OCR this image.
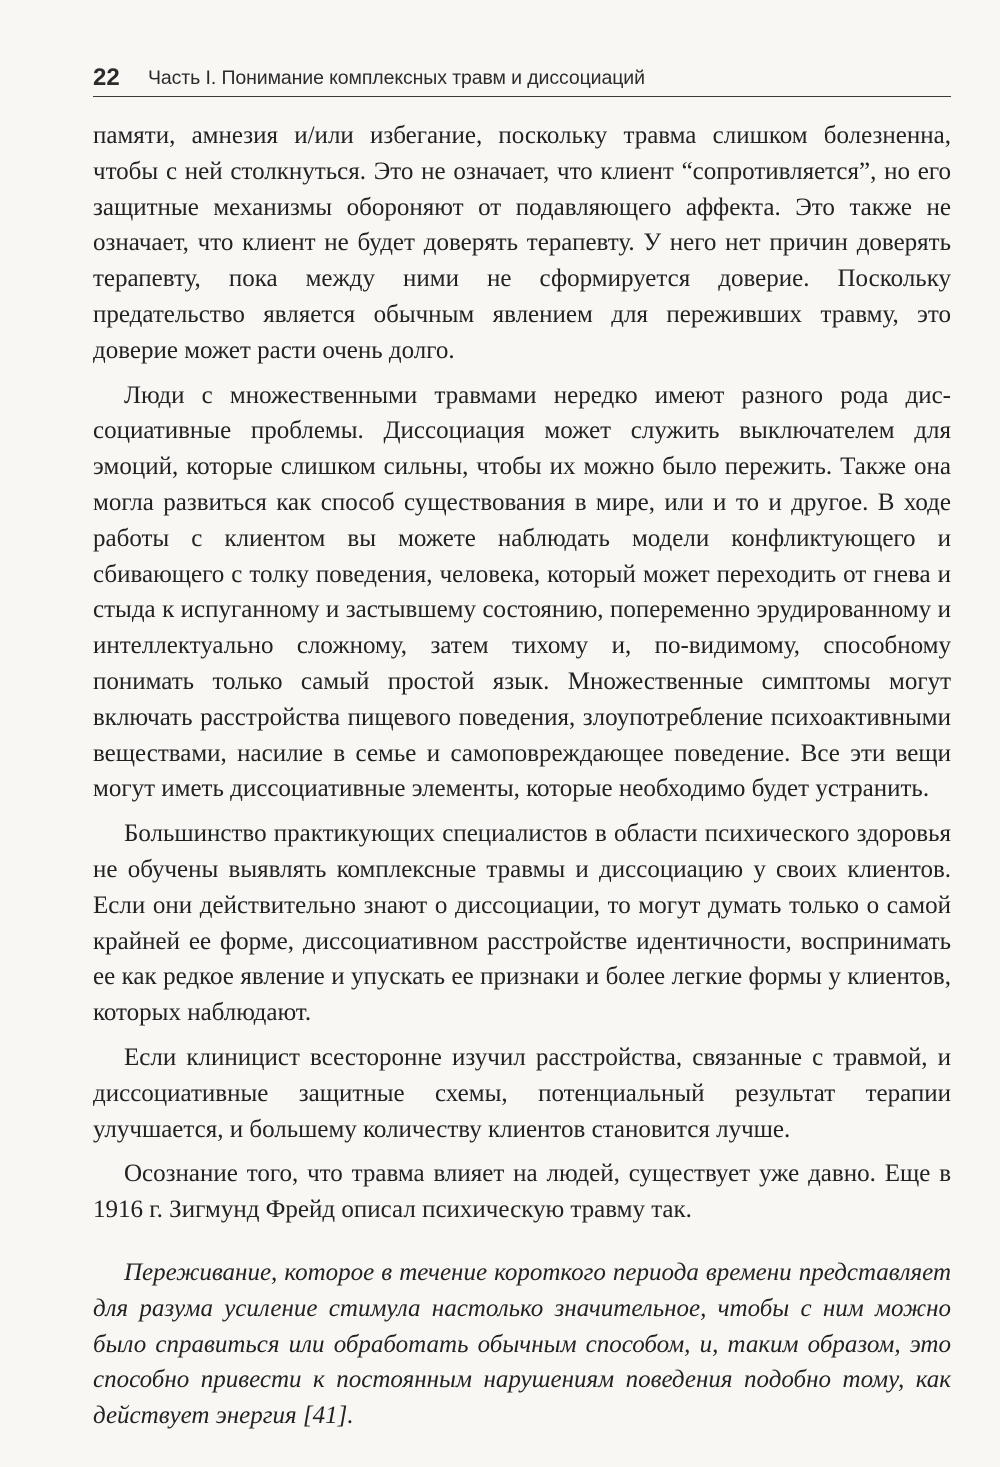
22 Часть I. Понимание комплексных травм и диссоциаций

памяти, амнезия и/или избегание, поскольку травма слишком болезненна, чтобы с ней столкнуться. Это не означает, что клиент “сопротивляется”, но его защитные механизмы обороняют от подавляющего аффекта. Это также не означает, что клиент не будет доверять терапевту. У него нет причин доверять терапевту, пока между ними не сформируется доверие. Поскольку предательство является обычным явлением для переживших травму, это доверие может расти очень долго.

Люди с множественными травмами нередко имеют разного рода диссоциативные проблемы. Диссоциация может служить выключателем для эмоций, которые слишком сильны, чтобы их можно было пережить. Также она могла развиться как способ существования в мире, или и то и другое. В ходе работы с клиентом вы можете наблюдать модели конфликтующего и сбивающего с толку поведения, человека, который может переходить от гнева и стыда к испуганному и застывшему состоянию, попеременно эрудированному и интеллектуально сложному, затем тихому и, по-видимому, способному понимать только самый простой язык. Множественные симптомы могут включать расстройства пищевого поведения, злоупотребление психоактивными веществами, насилие в семье и самоповреждающее поведение. Все эти вещи могут иметь диссоциативные элементы, которые необходимо будет устранить.

Большинство практикующих специалистов в области психического здоровья не обучены выявлять комплексные травмы и диссоциацию у своих клиентов. Если они действительно знают о диссоциации, то могут думать только о самой крайней ее форме, диссоциативном расстройстве идентичности, воспринимать ее как редкое явление и упускать ее признаки и более легкие формы у клиентов, которых наблюдают.

Если клиницист всесторонне изучил расстройства, связанные с травмой, и диссоциативные защитные схемы, потенциальный результат терапии улучшается, и большему количеству клиентов становится лучше.

Осознание того, что травма влияет на людей, существует уже давно. Еще в 1916 г. Зигмунд Фрейд описал психическую травму так.

Переживание, которое в течение короткого периода времени представляет для разума усиление стимула настолько значительное, чтобы с ним можно было справиться или обработать обычным способом, и, таким образом, это способно привести к постоянным нарушениям поведения подобно тому, как действует энергия [41].
